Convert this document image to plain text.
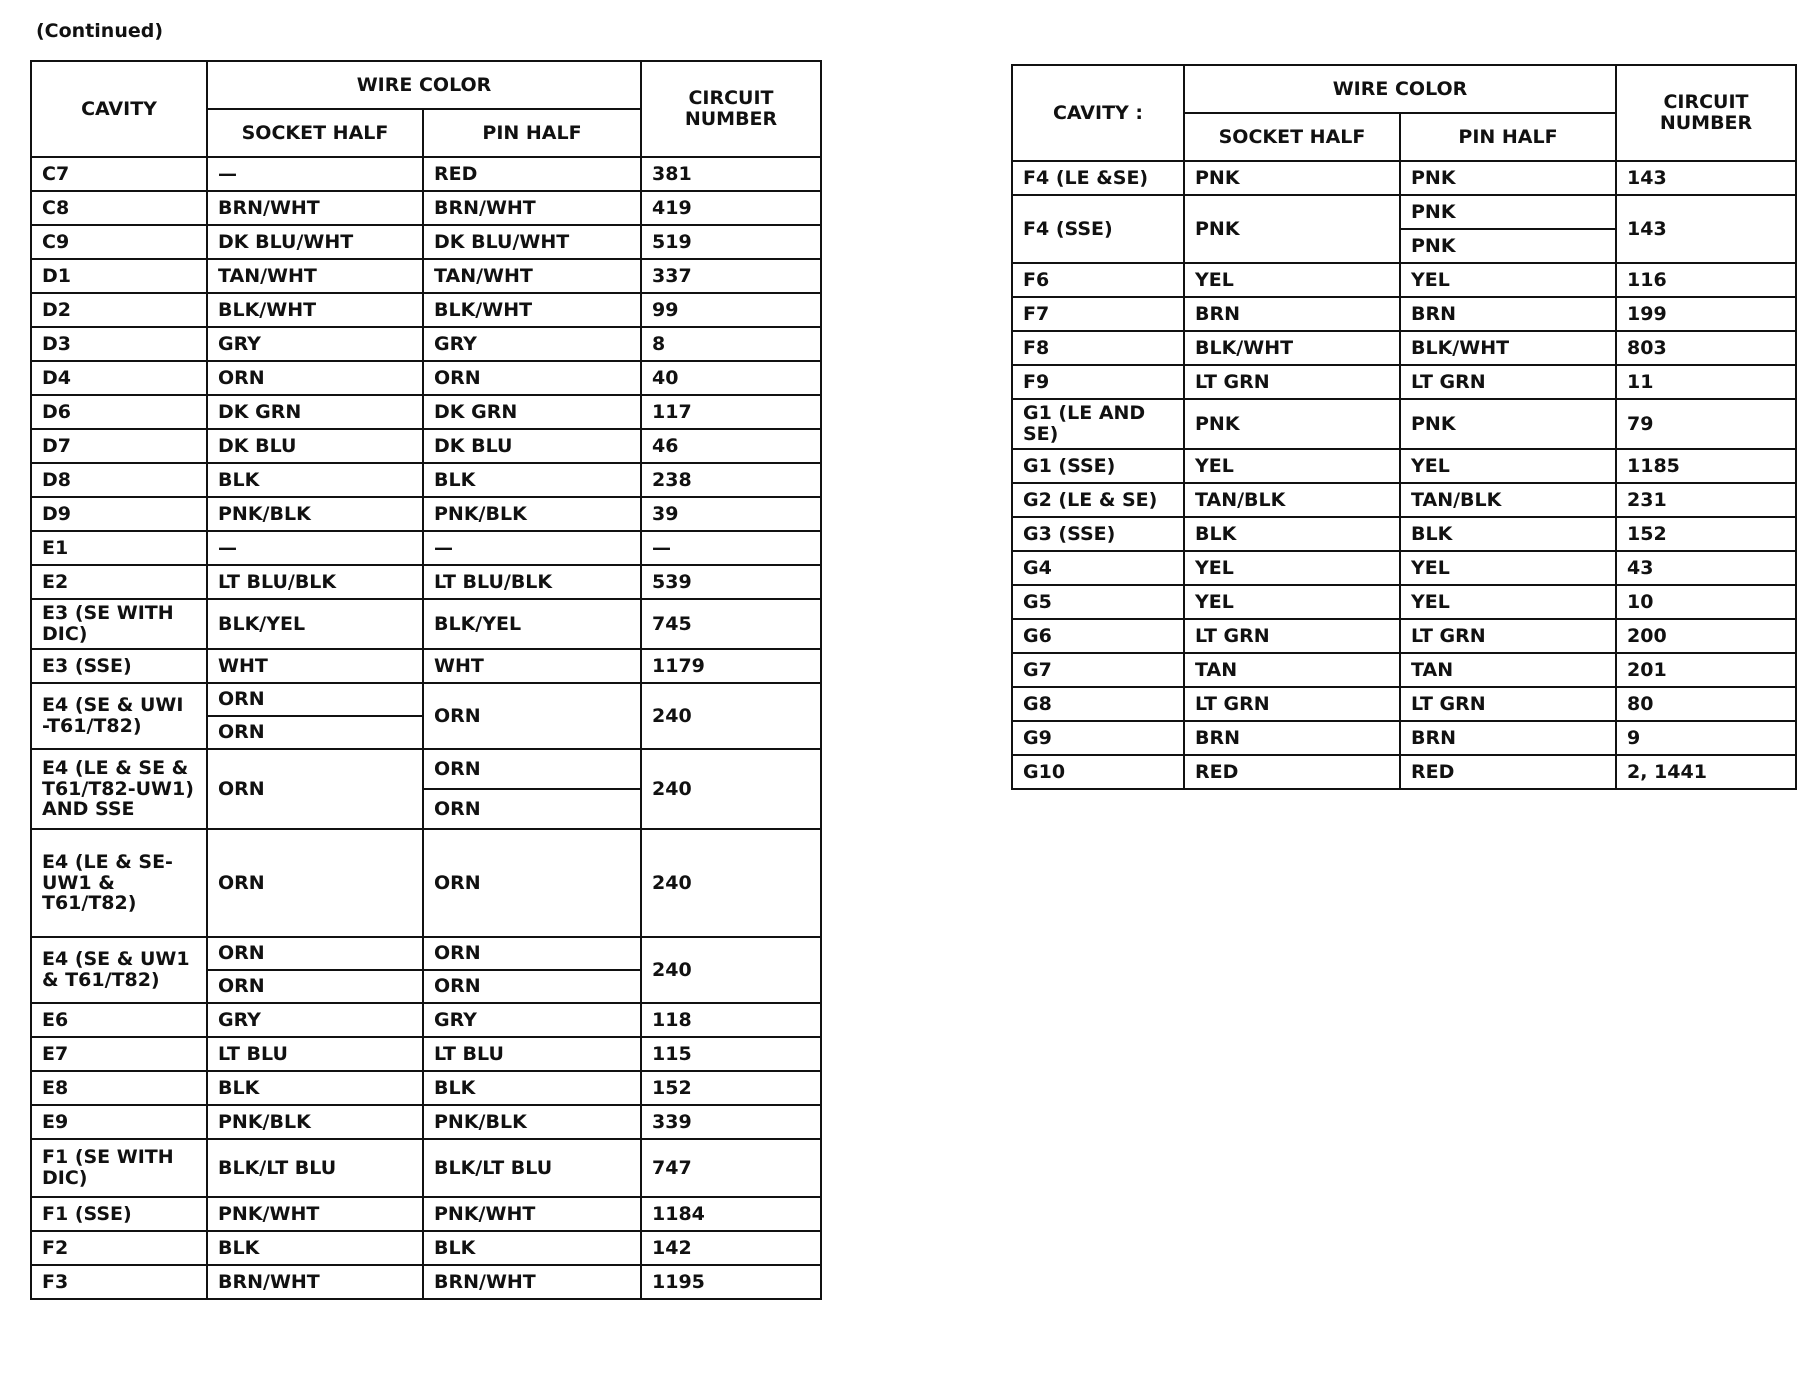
(Continued)
CAVITY	WIRE COLOR		CIRCUIT NUMBER
	SOCKET HALF	PIN HALF	
C7	—	RED	381
C8	BRN/WHT	BRN/WHT	419
C9	DK BLU/WHT	DK BLU/WHT	519
D1	TAN/WHT	TAN/WHT	337
D2	BLK/WHT	BLK/WHT	99
D3	GRY	GRY	8
D4	ORN	ORN	40
D6	DK GRN	DK GRN	117
D7	DK BLU	DK BLU	46
D8	BLK	BLK	238
D9	PNK/BLK	PNK/BLK	39
E1	—	—	—
E2	LT BLU/BLK	LT BLU/BLK	539
E3 (SE WITH DIC)	BLK/YEL	BLK/YEL	745
E3 (SSE)	WHT	WHT	1179
E4 (SE & UWI -T61/T82)	ORN	ORN	240
	ORN		
E4 (LE & SE & T61/T82-UW1) AND SSE	ORN	ORN	240
		ORN	
E4 (LE & SE- UW1 & T61/T82)	ORN	ORN	240
E4 (SE & UW1 & T61/T82)	ORN	ORN	240
	ORN	ORN	
E6	GRY	GRY	118
E7	LT BLU	LT BLU	115
E8	BLK	BLK	152
E9	PNK/BLK	PNK/BLK	339
F1 (SE WITH DIC)	BLK/LT BLU	BLK/LT BLU	747
F1 (SSE)	PNK/WHT	PNK/WHT	1184
F2	BLK	BLK	142
F3	BRN/WHT	BRN/WHT	1195
CAVITY :	WIRE COLOR		CIRCUIT NUMBER
	SOCKET HALF	PIN HALF	
F4 (LE &SE)	PNK	PNK	143
F4 (SSE)	PNK	PNK	143
		PNK	
F6	YEL	YEL	116
F7	BRN	BRN	199
F8	BLK/WHT	BLK/WHT	803
F9	LT GRN	LT GRN	11
G1 (LE AND SE)	PNK	PNK	79
G1 (SSE)	YEL	YEL	1185
G2 (LE & SE)	TAN/BLK	TAN/BLK	231
G3 (SSE)	BLK	BLK	152
G4	YEL	YEL	43
G5	YEL	YEL	10
G6	LT GRN	LT GRN	200
G7	TAN	TAN	201
G8	LT GRN	LT GRN	80
G9	BRN	BRN	9
G10	RED	RED	2, 1441
